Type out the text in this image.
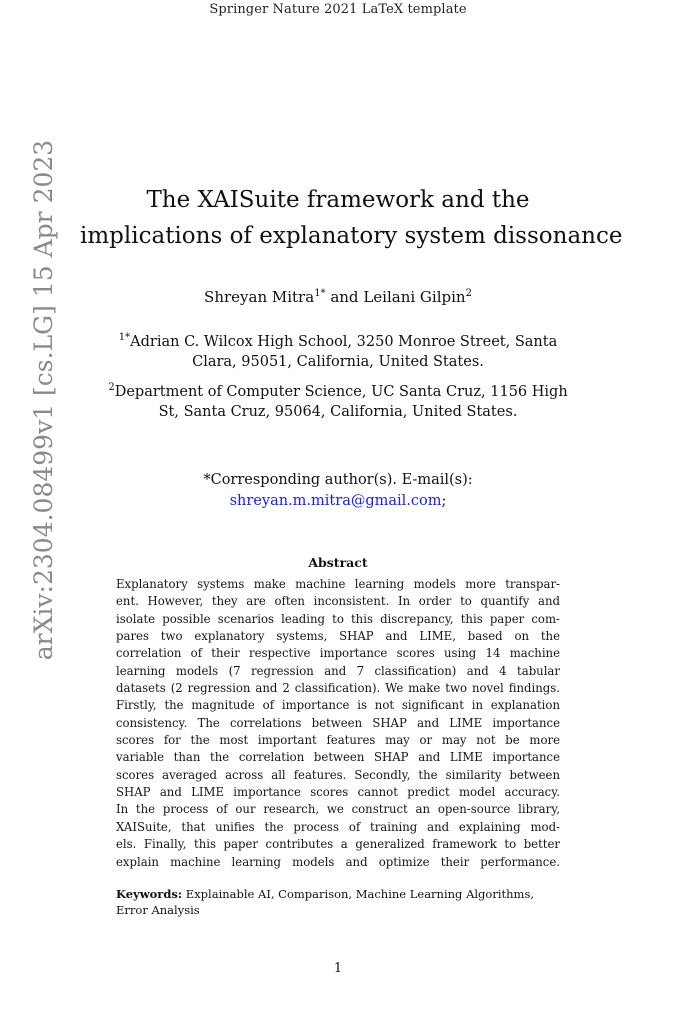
Springer Nature 2021 LaTeX template
arXiv:2304.08499v1 [cs.LG] 15 Apr 2023	The XAISuite framework and the
implications of explanatory system dissonance
Shreyan Mitra$^{1*}$ and Leilani Gilpin$^2$
$^{1*}$Adrian C. Wilcox High School, 3250 Monroe Street, Santa
Clara, 95051, California, United States.
$^2$Department of Computer Science, UC Santa Cruz, 1156 High
St, Santa Cruz, 95064, California, United States.
*Corresponding author(s). E-mail(s):
shreyan.m.mitra@gmail.com;
Abstract
Explanatory systems make machine learning models more transpar-
ent. However, they are often inconsistent. In order to quantify and
isolate possible scenarios leading to this discrepancy, this paper com-
pares two explanatory systems, SHAP and LIME, based on the
correlation of their respective importance scores using 14 machine
learning models (7 regression and 7 classification) and 4 tabular
datasets (2 regression and 2 classification). We make two novel findings.
Firstly, the magnitude of importance is not significant in explanation
consistency. The correlations between SHAP and LIME importance
scores for the most important features may or may not be more
variable than the correlation between SHAP and LIME importance
scores averaged across all features. Secondly, the similarity between
SHAP and LIME importance scores cannot predict model accuracy.
In the process of our research, we construct an open-source library,
XAISuite, that unifies the process of training and explaining mod-
els. Finally, this paper contributes a generalized framework to better
explain machine learning models and optimize their performance.
Keywords: Explainable AI, Comparison, Machine Learning Algorithms,
Error Analysis
1
